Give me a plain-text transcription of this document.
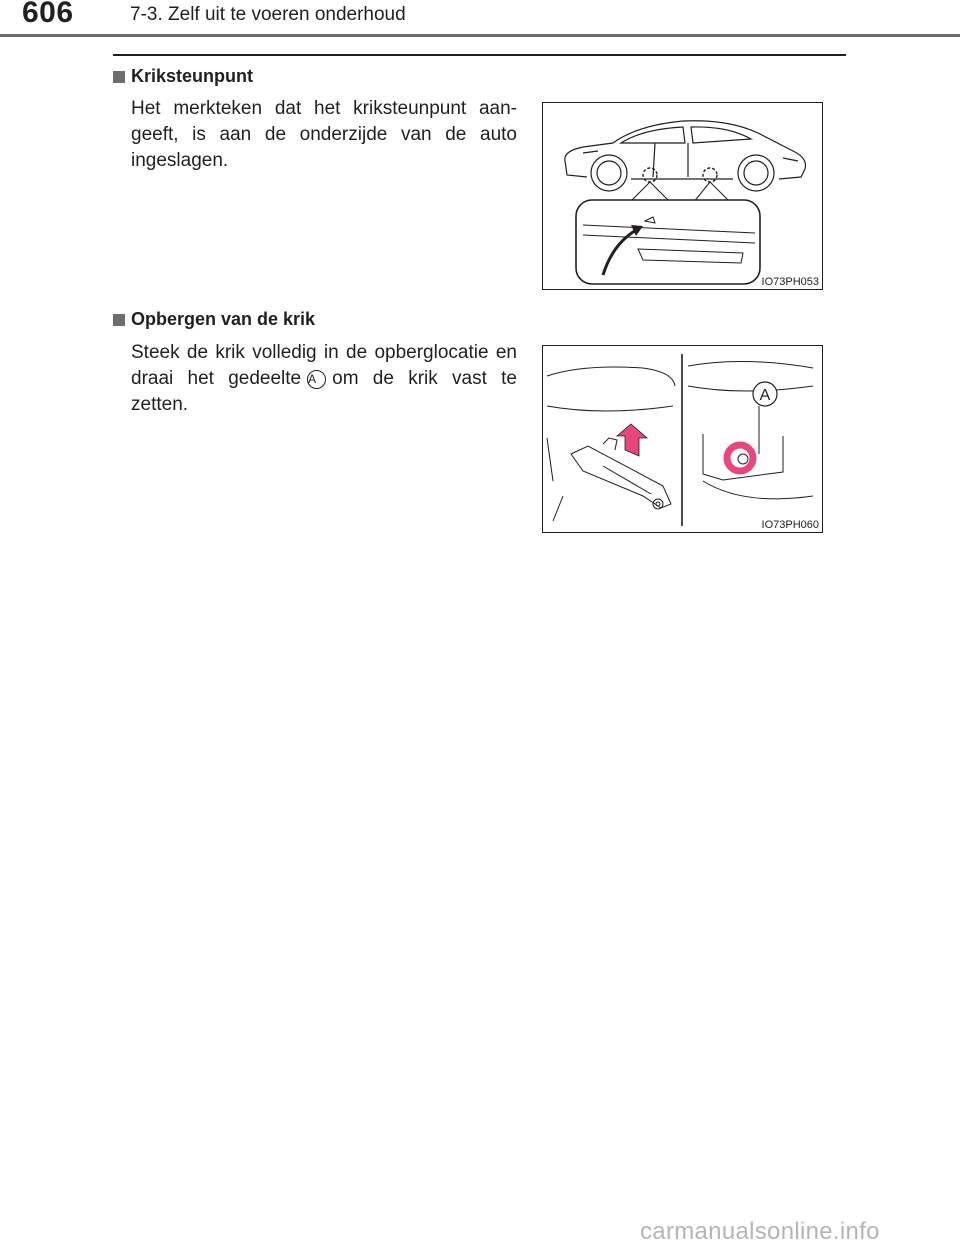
606	7-3. Zelf uit te voeren onderhoud
Kriksteunpunt
Het merkteken dat het kriksteunpunt aan-geeft, is aan de onderzijde van de auto ingeslagen.
IO73PH053
Opbergen van de krik
Steek de krik volledig in de opberglocatie en draai het gedeelte A om de krik vast te zetten.	A
IO73PH060
carmanualsonline.info
